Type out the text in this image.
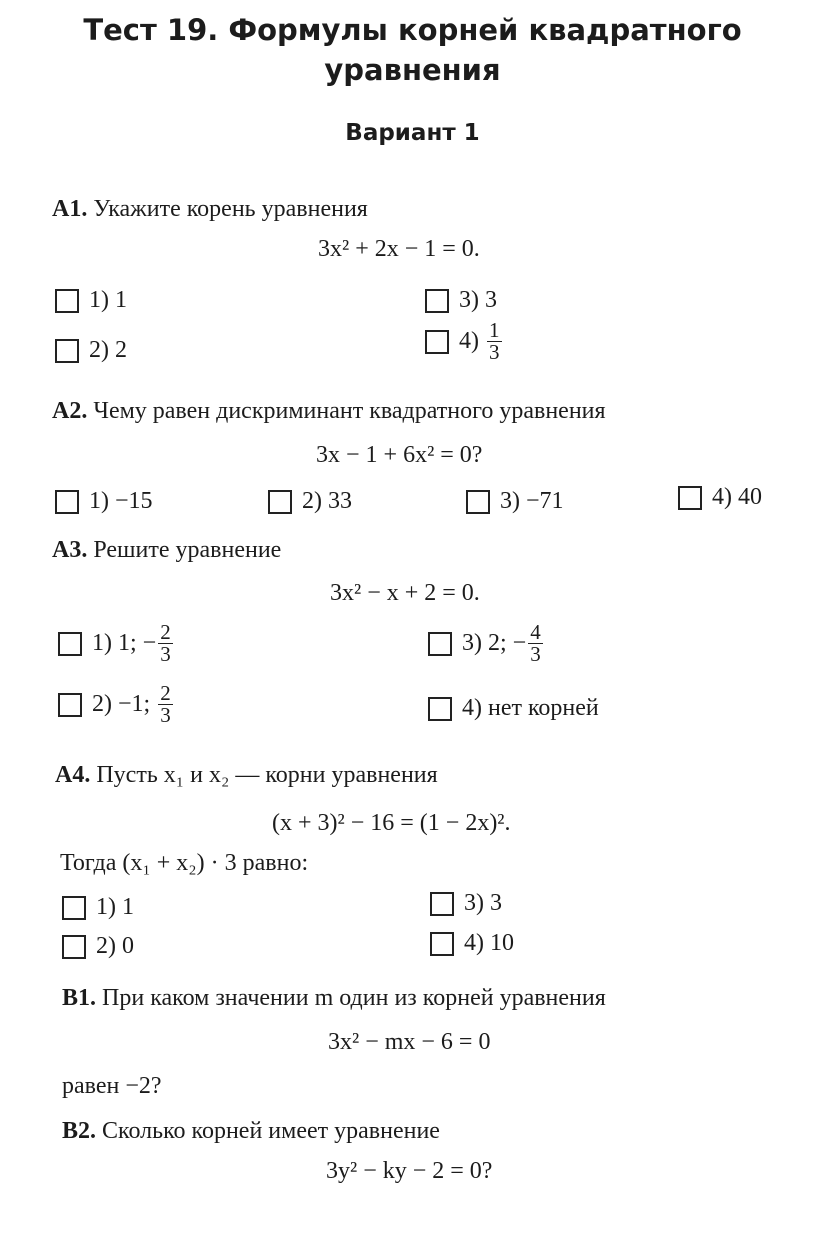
Тест 19. Формулы корней квадратного
уравнения
Вариант 1
A1. Укажите корень уравнения
3x² + 2x − 1 = 0.
1) 1
2) 2
3) 3
$4) \frac{1}{3}$
A2. Чему равен дискриминант квадратного уравнения
3x − 1 + 6x² = 0?
1) −15	2) 33	3) −71	4) 40
A3. Решите уравнение
3x² − x + 2 = 0.
1) 1; − $\frac{2}{3}$
2) −1; $\frac{2}{3}$
3) 2; − $\frac{4}{3}$
4) нет корней
A4. Пусть x₁ и x₂ — корни уравнения
(x + 3)² − 16 = (1 − 2x)².
Тогда (x₁ + x₂) · 3 равно:
1) 1
2) 0
3) 3
4) 10
B1. При каком значении m один из корней уравнения
3x² − mx − 6 = 0
равен −2?
B2. Сколько корней имеет уравнение
3y² − ky − 2 = 0?
